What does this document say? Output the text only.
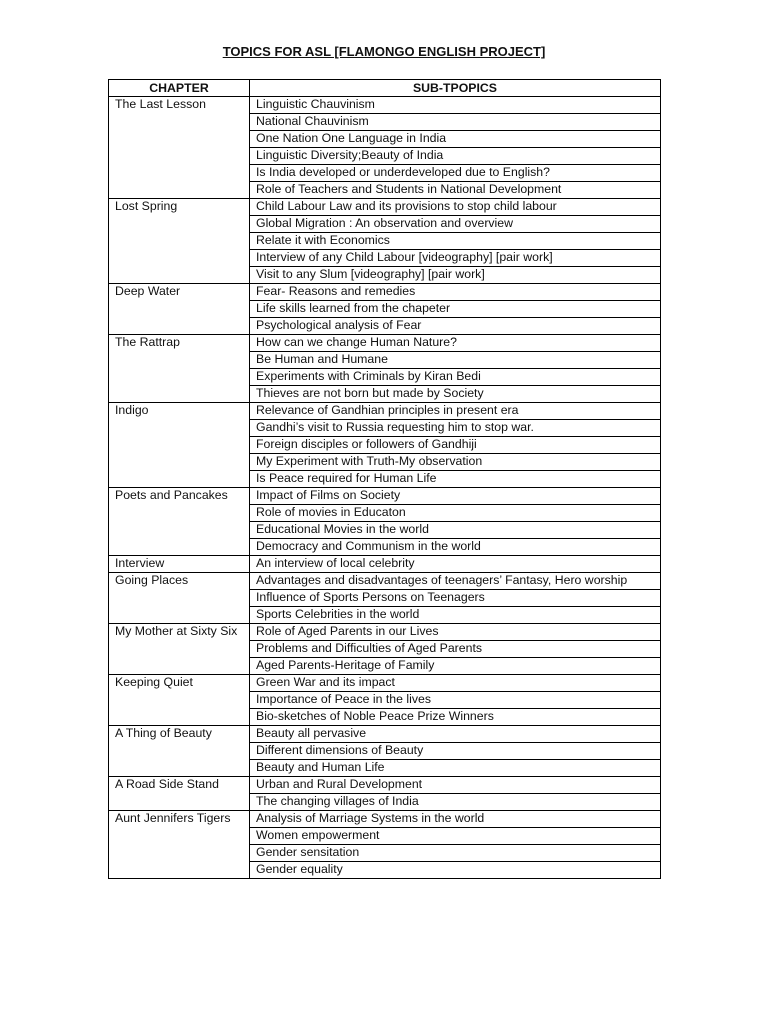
TOPICS FOR ASL [FLAMONGO ENGLISH PROJECT]
CHAPTER	SUB-TPOPICS
The Last Lesson	Linguistic Chauvinism
	National Chauvinism
	One Nation One Language in India
	Linguistic Diversity;Beauty of India
	Is India developed or underdeveloped due to English?
	Role of Teachers and Students in National Development
Lost Spring	Child Labour Law and its provisions to stop child labour
	Global Migration : An observation and overview
	Relate it with Economics
	Interview of any Child Labour [videography] [pair work]
	Visit to any Slum [videography] [pair work]
Deep Water	Fear- Reasons and remedies
	Life skills learned from the chapeter
	Psychological analysis of Fear
The Rattrap	How can we change Human Nature?
	Be Human and Humane
	Experiments with Criminals by Kiran Bedi
	Thieves are not born but made by Society
Indigo	Relevance of Gandhian principles in present era
	Gandhi’s visit to Russia requesting him to stop war.
	Foreign disciples or followers of Gandhiji
	My Experiment with Truth-My observation
	Is Peace required for Human Life
Poets and Pancakes	Impact of Films on Society
	Role of movies in Educaton
	Educational Movies in the world
	Democracy and Communism in the world
Interview	An interview of local celebrity
Going Places	Advantages and disadvantages of teenagers’ Fantasy, Hero worship
	Influence of Sports Persons on Teenagers
	Sports Celebrities in the world
My Mother at Sixty Six	Role of Aged Parents in our Lives
	Problems and Difficulties of Aged Parents
	Aged Parents-Heritage of Family
Keeping Quiet	Green War and its impact
	Importance of Peace in the lives
	Bio-sketches of Noble Peace Prize Winners
A Thing of Beauty	Beauty all pervasive
	Different dimensions of Beauty
	Beauty and Human Life
A Road Side Stand	Urban and Rural Development
	The changing villages of India
Aunt Jennifers Tigers	Analysis of Marriage Systems in the world
	Women empowerment
	Gender sensitation
	Gender equality
